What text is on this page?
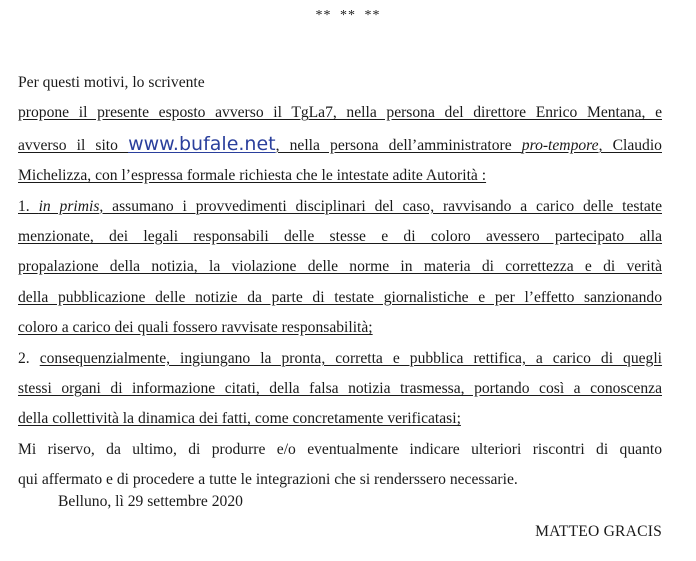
** ** **
Per questi motivi, lo scrivente
propone il presente esposto avverso il TgLa7, nella persona del direttore Enrico Mentana, e
avverso il sito www.bufale.net, nella persona dell’amministratore pro-tempore, Claudio
Michelizza, con l’espressa formale richiesta che le intestate adite Autorità :
1. in primis, assumano i provvedimenti disciplinari del caso, ravvisando a carico delle testate
menzionate, dei legali responsabili delle stesse e di coloro avessero partecipato alla
propalazione della notizia, la violazione delle norme in materia di correttezza e di verità
della pubblicazione delle notizie da parte di testate giornalistiche e per l’effetto sanzionando
coloro a carico dei quali fossero ravvisate responsabilità;
2. consequenzialmente, ingiungano la pronta, corretta e pubblica rettifica, a carico di quegli
stessi organi di informazione citati, della falsa notizia trasmessa, portando così a conoscenza
della collettività la dinamica dei fatti, come concretamente verificatasi;
Mi riservo, da ultimo, di produrre e/o eventualmente indicare ulteriori riscontri di quanto
qui affermato e di procedere a tutte le integrazioni che si renderssero necessarie.
Belluno, lì 29 settembre 2020
MATTEO GRACIS
